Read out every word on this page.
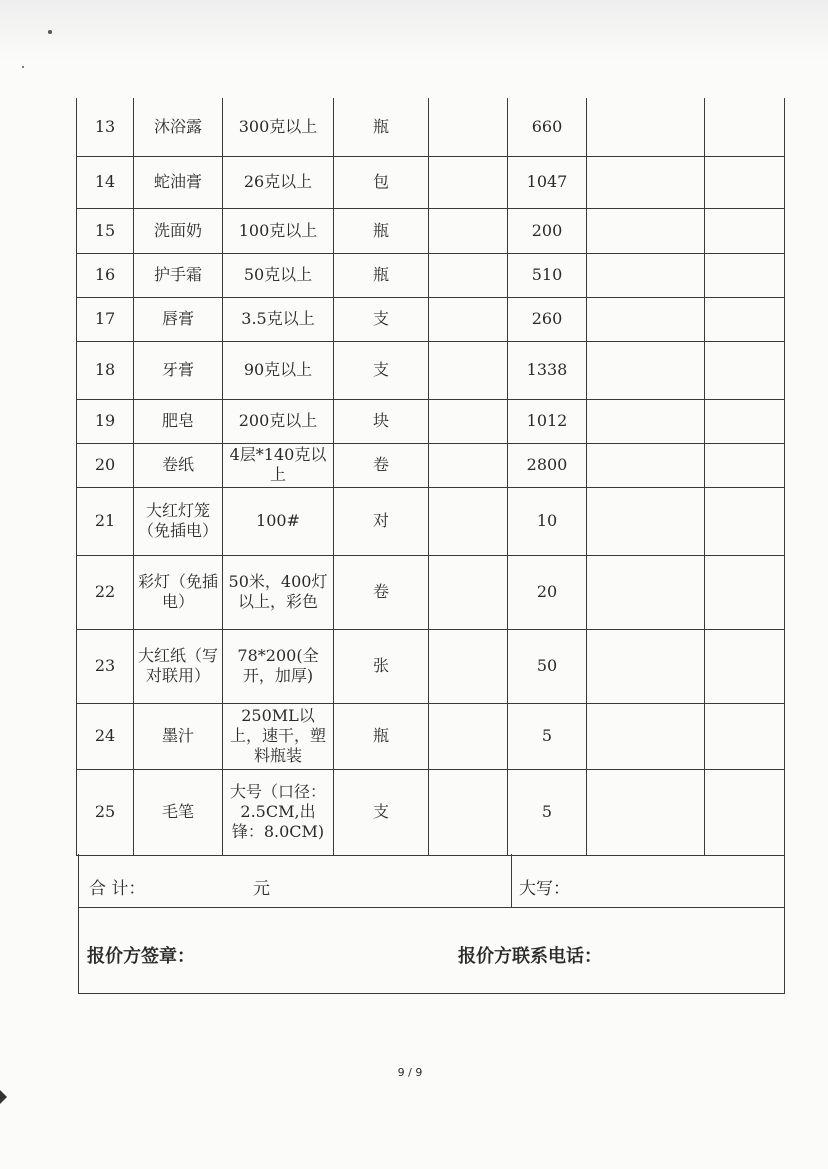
13	沐浴露	300克以上	瓶		660		
14	蛇油膏	26克以上	包		1047		
15	洗面奶	100克以上	瓶		200		
16	护手霜	50克以上	瓶		510		
17	唇膏	3.5克以上	支		260		
18	牙膏	90克以上	支		1338		
19	肥皂	200克以上	块		1012		
20	卷纸	4层*140克以上	卷		2800		
21	大红灯笼（免插电）	100#	对		10		
22	彩灯（免插电）	50米，400灯以上，彩色	卷		20		
23	大红纸（写对联用）	78*200(全开，加厚)	张		50		
24	墨汁	250ML以上，速干，塑料瓶装	瓶		5		
25	毛笔	大号（口径：2.5CM,出锋：8.0CM)	支		5		
合 计：	元	大写：
报价方签章：	报价方联系电话：
9 / 9
